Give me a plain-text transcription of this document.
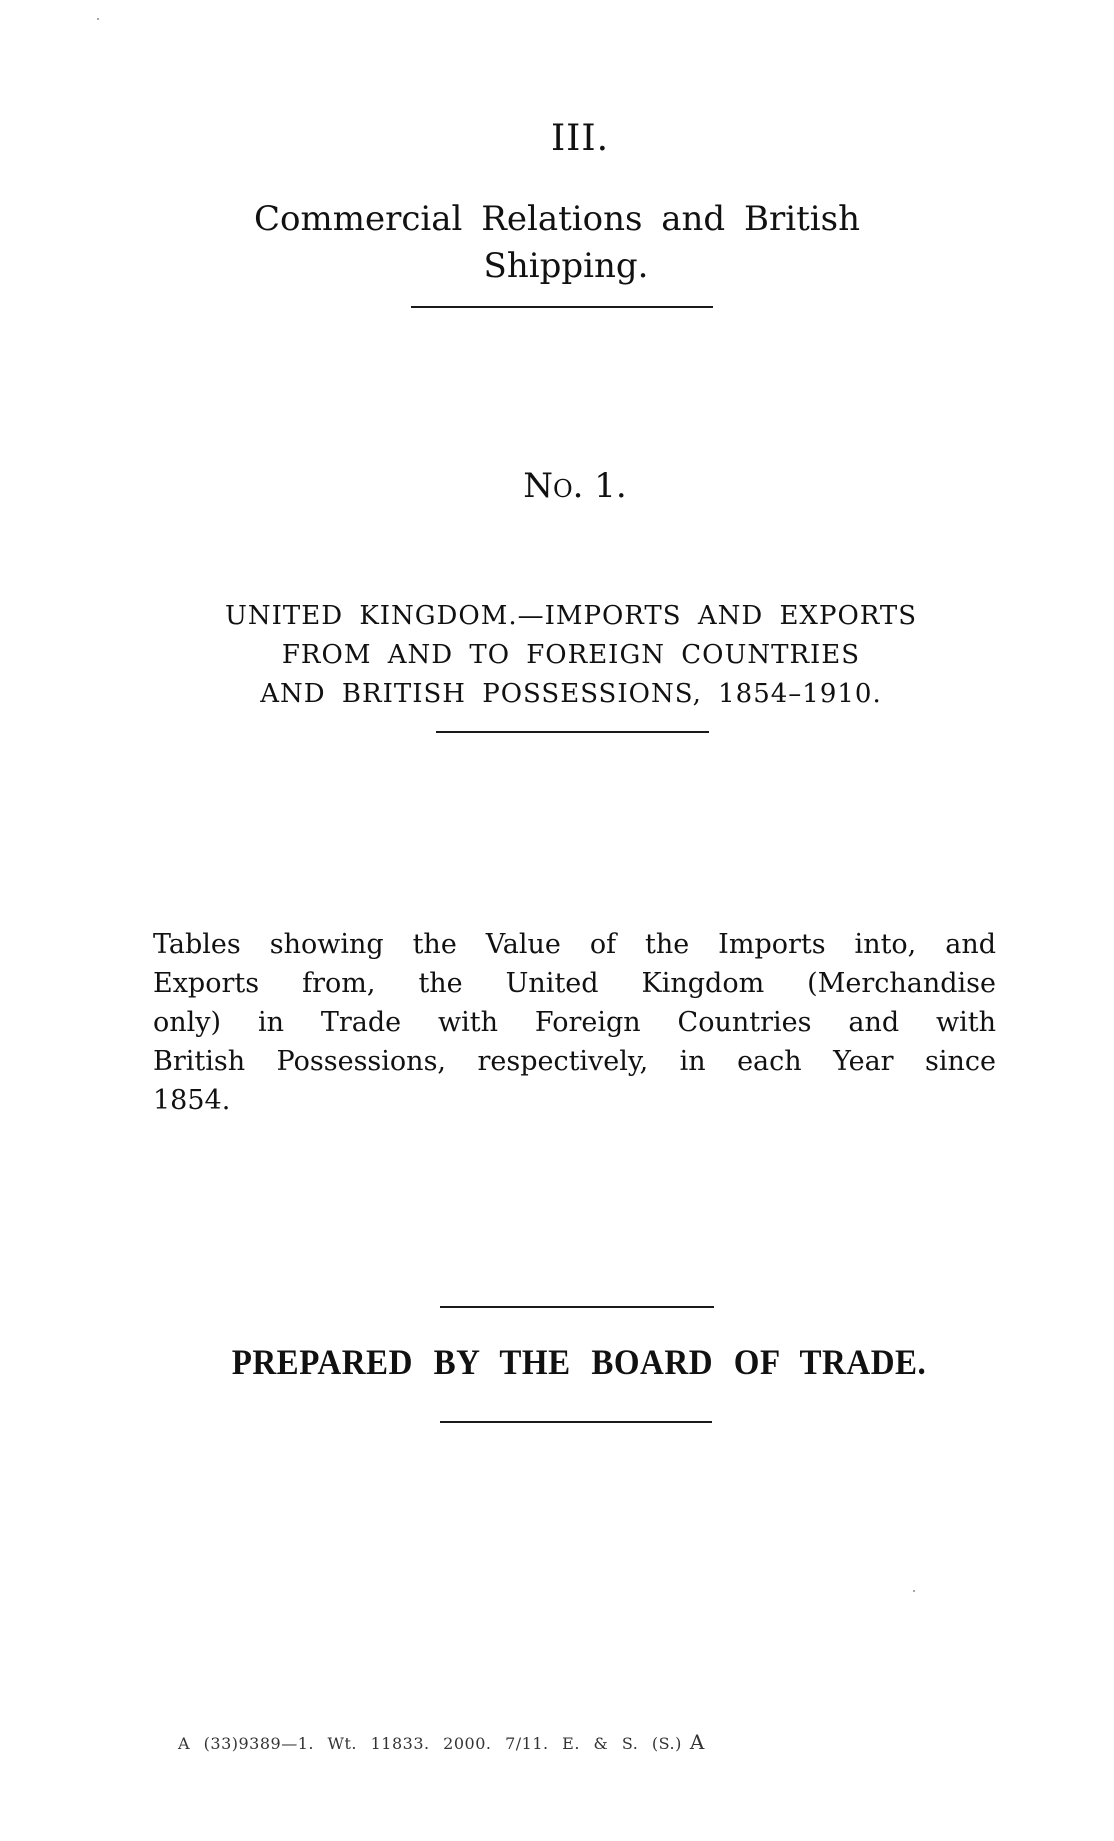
III.
Commercial Relations and British
Shipping.
No. 1.
UNITED KINGDOM.—IMPORTS AND EXPORTS
FROM AND TO FOREIGN COUNTRIES
AND BRITISH POSSESSIONS, 1854–1910.
Tables showing the Value of the Imports into, and
Exports from, the United Kingdom (Merchandise
only) in Trade with Foreign Countries and with
British Possessions, respectively, in each Year since
1854.
PREPARED BY THE BOARD OF TRADE.
A (33)9389—1. Wt. 11833. 2000. 7/11. E. & S. (S.) A
